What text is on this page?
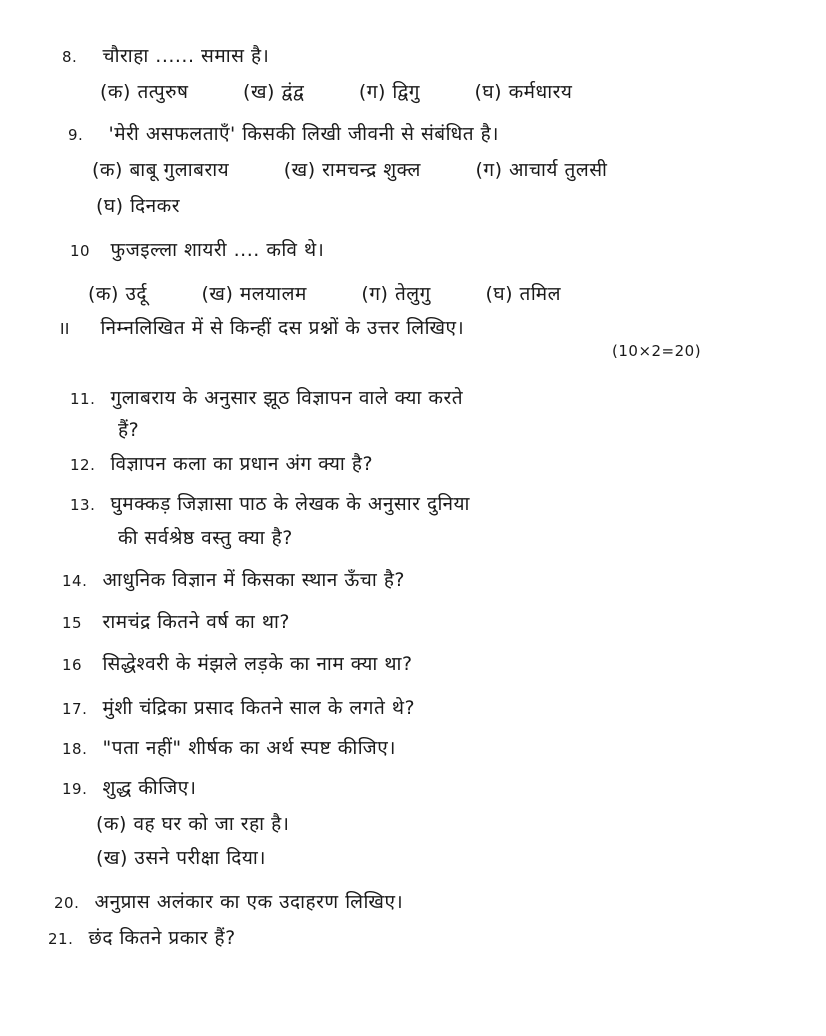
8. चौराहा ...... समास है।
(क) तत्पुरुष	(ख) द्वंद्व	(ग) द्विगु	(घ) कर्मधारय
9. 'मेरी असफलताएँ' किसकी लिखी जीवनी से संबंधित है।
(क) बाबू गुलाबराय	(ख) रामचन्द्र शुक्ल	(ग) आचार्य तुलसी
(घ) दिनकर
10 फुजइल्ला शायरी .... कवि थे।
(क) उर्दू	(ख) मलयालम	(ग) तेलुगु	(घ) तमिल
II निम्नलिखित में से किन्हीं दस प्रश्नों के उत्तर लिखिए।
(10×2=20)
11. गुलाबराय के अनुसार झूठ विज्ञापन वाले क्या करते
हैं?
12. विज्ञापन कला का प्रधान अंग क्या है?
13. घुमक्कड़ जिज्ञासा पाठ के लेखक के अनुसार दुनिया
की सर्वश्रेष्ठ वस्तु क्या है?
14. आधुनिक विज्ञान में किसका स्थान ऊँचा है?
15 रामचंद्र कितने वर्ष का था?
16 सिद्धेश्वरी के मंझले लड़के का नाम क्या था?
17. मुंशी चंद्रिका प्रसाद कितने साल के लगते थे?
18. "पता नहीं" शीर्षक का अर्थ स्पष्ट कीजिए।
19. शुद्ध कीजिए।
(क) वह घर को जा रहा है।
(ख) उसने परीक्षा दिया।
20. अनुप्रास अलंकार का एक उदाहरण लिखिए।
21. छंद कितने प्रकार हैं?
